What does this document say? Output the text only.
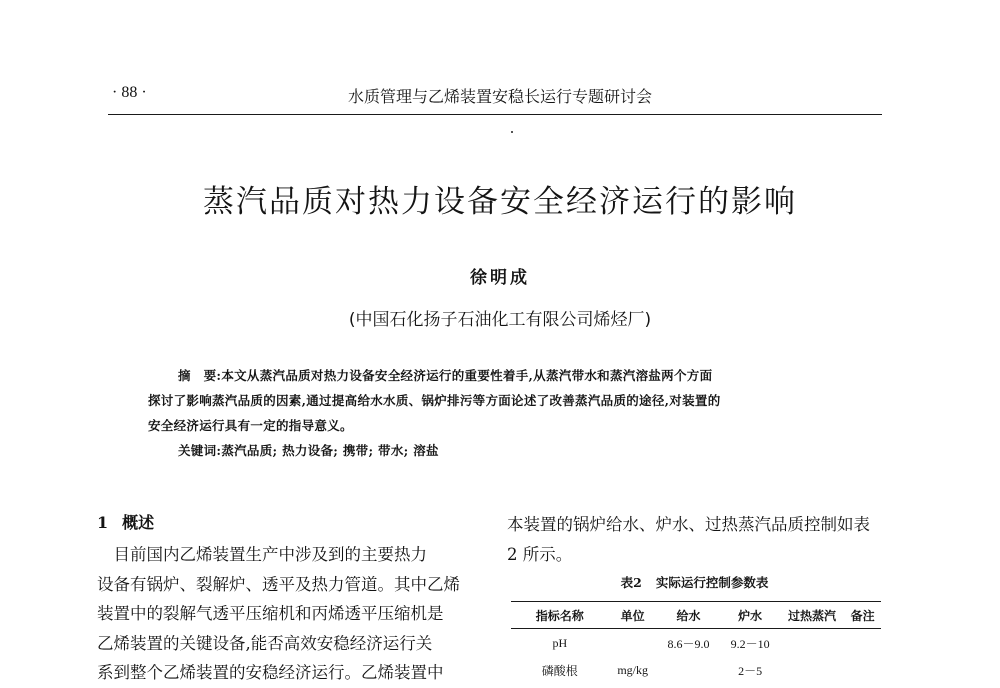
· 88 ·	水质管理与乙烯装置安稳长运行专题研讨会
蒸汽品质对热力设备安全经济运行的影响
徐明成
(中国石化扬子石油化工有限公司烯烃厂)

摘　要:本文从蒸汽品质对热力设备安全经济运行的重要性着手,从蒸汽带水和蒸汽溶盐两个方面

探讨了影响蒸汽品质的因素,通过提高给水水质、锅炉排污等方面论述了改善蒸汽品质的途径,对装置的

安全经济运行具有一定的指导意义。

关键词:蒸汽品质; 热力设备; 携带; 带水; 溶盐

1 概述
　目前国内乙烯装置生产中涉及到的主要热力
设备有锅炉、裂解炉、透平及热力管道。其中乙烯
装置中的裂解气透平压缩机和丙烯透平压缩机是
乙烯装置的关键设备,能否高效安稳经济运行关
系到整个乙烯装置的安稳经济运行。乙烯装置中
本装置的锅炉给水、炉水、过热蒸汽品质控制如表
2 所示。
表2 实际运行控制参数表
指标名称	单位	给水	炉水	过热蒸汽	备注
pH		8.6－9.0	9.2－10		
磷酸根	mg/kg		2－5		
